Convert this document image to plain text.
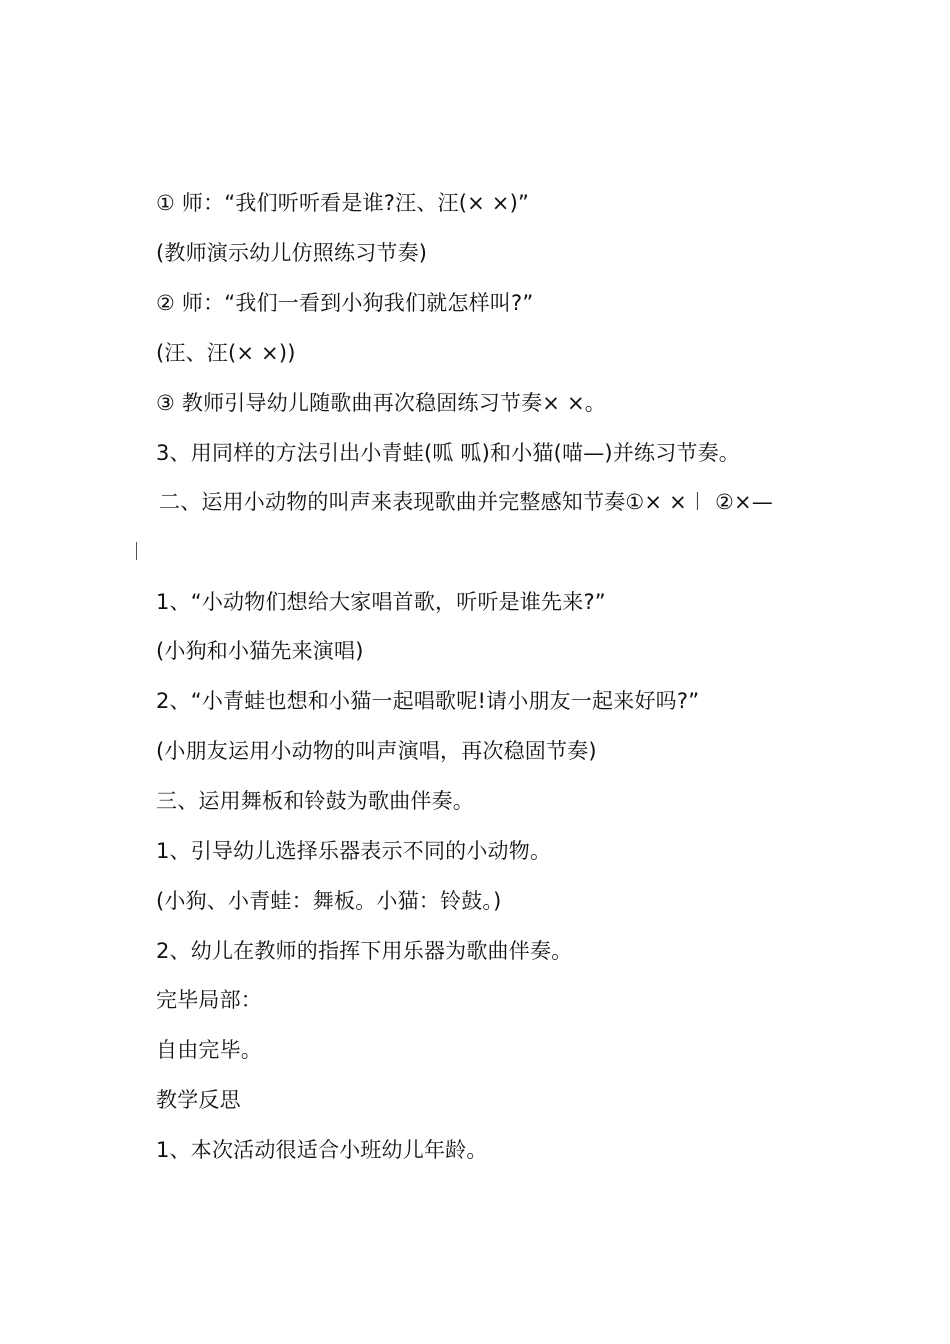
① 师：“我们听听看是谁?汪、汪(× ×)”
(教师演示幼儿仿照练习节奏)
② 师：“我们一看到小狗我们就怎样叫?”
(汪、汪(× ×))
③ 教师引导幼儿随歌曲再次稳固练习节奏× ×。
3、用同样的方法引出小青蛙(呱 呱)和小猫(喵—)并练习节奏。
二、运用小动物的叫声来表现歌曲并完整感知节奏①× ×︱ ②×—
1、“小动物们想给大家唱首歌，听听是谁先来?”
(小狗和小猫先来演唱)
2、“小青蛙也想和小猫一起唱歌呢!请小朋友一起来好吗?”
(小朋友运用小动物的叫声演唱，再次稳固节奏)
三、运用舞板和铃鼓为歌曲伴奏。
1、引导幼儿选择乐器表示不同的小动物。
(小狗、小青蛙：舞板。小猫：铃鼓。)
2、幼儿在教师的指挥下用乐器为歌曲伴奏。
完毕局部：
自由完毕。
教学反思
1、本次活动很适合小班幼儿年龄。
